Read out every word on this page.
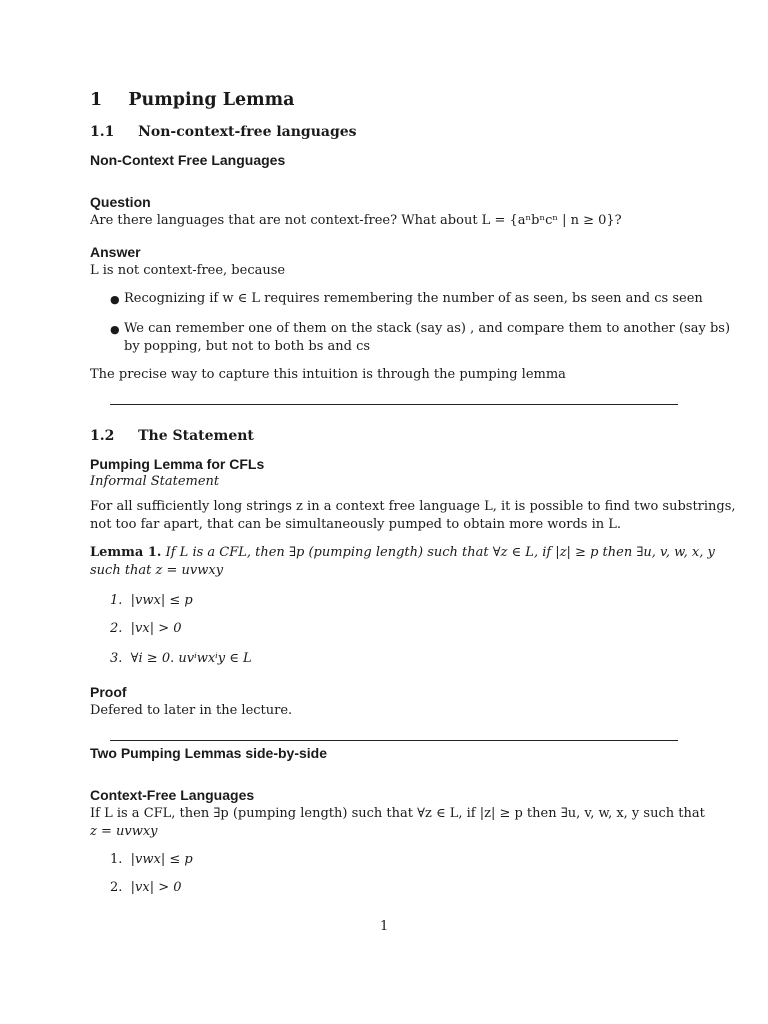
1 Pumping Lemma
1.1 Non-context-free languages
Non-Context Free Languages
Question
Are there languages that are not context-free? What about L = {aⁿbⁿcⁿ | n ≥ 0}?
Answer
L is not context-free, because
● Recognizing if w ∈ L requires remembering the number of as seen, bs seen and cs seen
● We can remember one of them on the stack (say as) , and compare them to another (say bs)
by popping, but not to both bs and cs
The precise way to capture this intuition is through the pumping lemma
1.2 The Statement
Pumping Lemma for CFLs
Informal Statement
For all sufficiently long strings z in a context free language L, it is possible to find two substrings,
not too far apart, that can be simultaneously pumped to obtain more words in L.
Lemma 1. If L is a CFL, then ∃p (pumping length) such that ∀z ∈ L, if |z| ≥ p then ∃u, v, w, x, y
such that z = uvwxy
1. |vwx| ≤ p
2. |vx| > 0
3. ∀i ≥ 0. uvⁱwxⁱy ∈ L
Proof
Defered to later in the lecture.
Two Pumping Lemmas side-by-side
Context-Free Languages
If L is a CFL, then ∃p (pumping length) such that ∀z ∈ L, if |z| ≥ p then ∃u, v, w, x, y such that
z = uvwxy
1. |vwx| ≤ p
2. |vx| > 0
1
